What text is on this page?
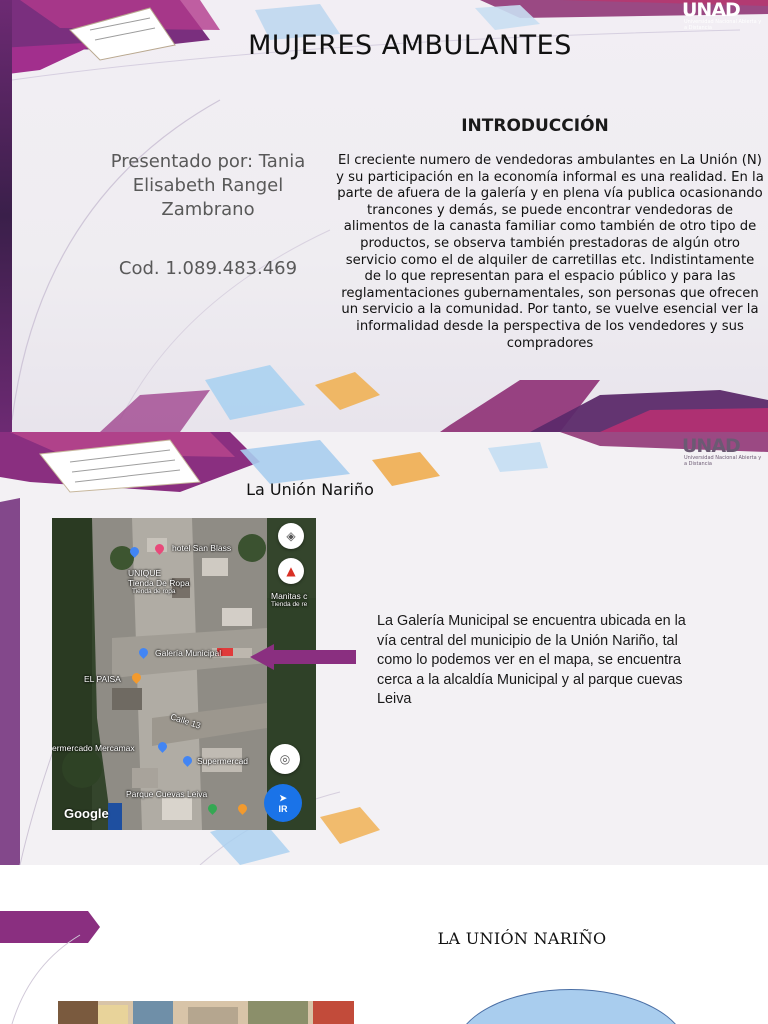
UNAD
Universidad Nacional Abierta y a Distancia
MUJERES AMBULANTES
Presentado por: Tania Elisabeth Rangel Zambrano
Cod. 1.089.483.469
INTRODUCCIÓN
El creciente numero de vendedoras ambulantes en La Unión (N) y su participación en la economía informal es una realidad. En la parte de afuera de la galería y en plena vía publica ocasionando trancones y demás, se puede encontrar vendedoras de alimentos de la canasta familiar como también de otro tipo de productos, se observa también prestadoras de algún otro servicio como el de alquiler de carretillas etc. Indistintamente de lo que representan para el espacio público y para las reglamentaciones gubernamentales, son personas que ofrecen un servicio a la comunidad. Por tanto, se vuelve esencial ver la informalidad desde la perspectiva de los vendedores y sus compradores
UNAD
Universidad Nacional Abierta y a Distancia
La Unión Nariño
hotel San Blass
UNIQUE
Tienda De Ropa
Tienda de ropa	Manitas c
Tienda de re
Galería Municipal
EL PAISA
Calle 13
ermercado Mercamax
Supermercad
Parque Cuevas Leiva
◈
▲
◎
➤
IR
Google
La Galería Municipal se encuentra ubicada en la vía central del municipio de la Unión Nariño, tal como lo podemos ver en el mapa, se encuentra cerca a la alcaldía Municipal y al parque cuevas Leiva
LA UNIÓN NARIÑO
